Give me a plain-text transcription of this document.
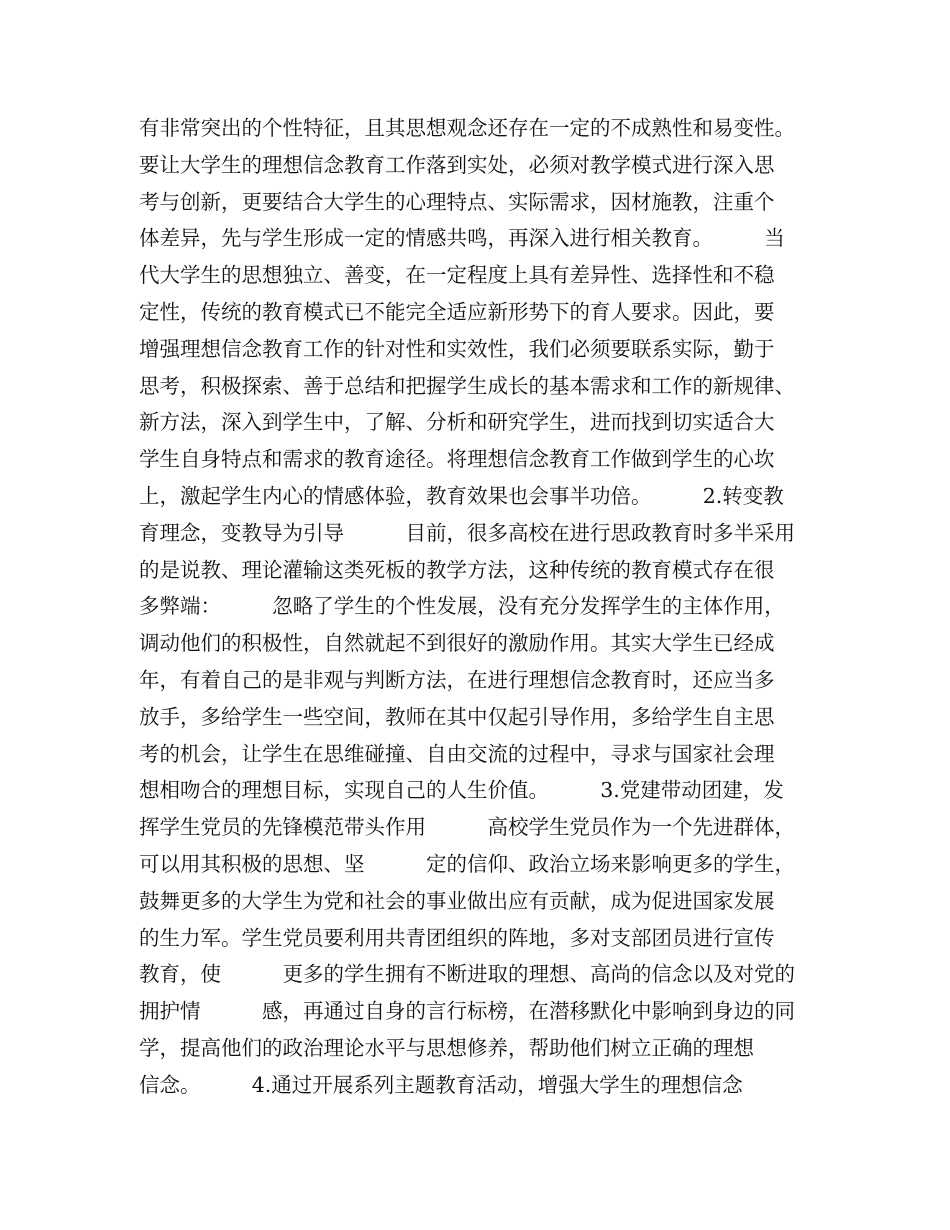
有非常突出的个性特征，且其思想观念还存在一定的不成熟性和易变性。
要让大学生的理想信念教育工作落到实处，必须对教学模式进行深入思
考与创新，更要结合大学生的心理特点、实际需求，因材施教，注重个
体差异，先与学生形成一定的情感共鸣，再深入进行相关教育。　　　当
代大学生的思想独立、善变，在一定程度上具有差异性、选择性和不稳
定性，传统的教育模式已不能完全适应新形势下的育人要求。因此，要
增强理想信念教育工作的针对性和实效性，我们必须要联系实际，勤于
思考，积极探索、善于总结和把握学生成长的基本需求和工作的新规律、
新方法，深入到学生中，了解、分析和研究学生，进而找到切实适合大
学生自身特点和需求的教育途径。将理想信念教育工作做到学生的心坎
上，激起学生内心的情感体验，教育效果也会事半功倍。　　　2.转变教
育理念，变教导为引导　　　目前，很多高校在进行思政教育时多半采用
的是说教、理论灌输这类死板的教学方法，这种传统的教育模式存在很
多弊端：　　　忽略了学生的个性发展，没有充分发挥学生的主体作用，
调动他们的积极性，自然就起不到很好的激励作用。其实大学生已经成
年，有着自己的是非观与判断方法，在进行理想信念教育时，还应当多
放手，多给学生一些空间，教师在其中仅起引导作用，多给学生自主思
考的机会，让学生在思维碰撞、自由交流的过程中，寻求与国家社会理
想相吻合的理想目标，实现自己的人生价值。　　　3.党建带动团建，发
挥学生党员的先锋模范带头作用　　　高校学生党员作为一个先进群体，
可以用其积极的思想、坚　　　定的信仰、政治立场来影响更多的学生，
鼓舞更多的大学生为党和社会的事业做出应有贡献，成为促进国家发展
的生力军。学生党员要利用共青团组织的阵地，多对支部团员进行宣传
教育，使　　　更多的学生拥有不断进取的理想、高尚的信念以及对党的
拥护情　　　感，再通过自身的言行标榜，在潜移默化中影响到身边的同
学，提高他们的政治理论水平与思想修养，帮助他们树立正确的理想
信念。　　　4.通过开展系列主题教育活动，增强大学生的理想信念
